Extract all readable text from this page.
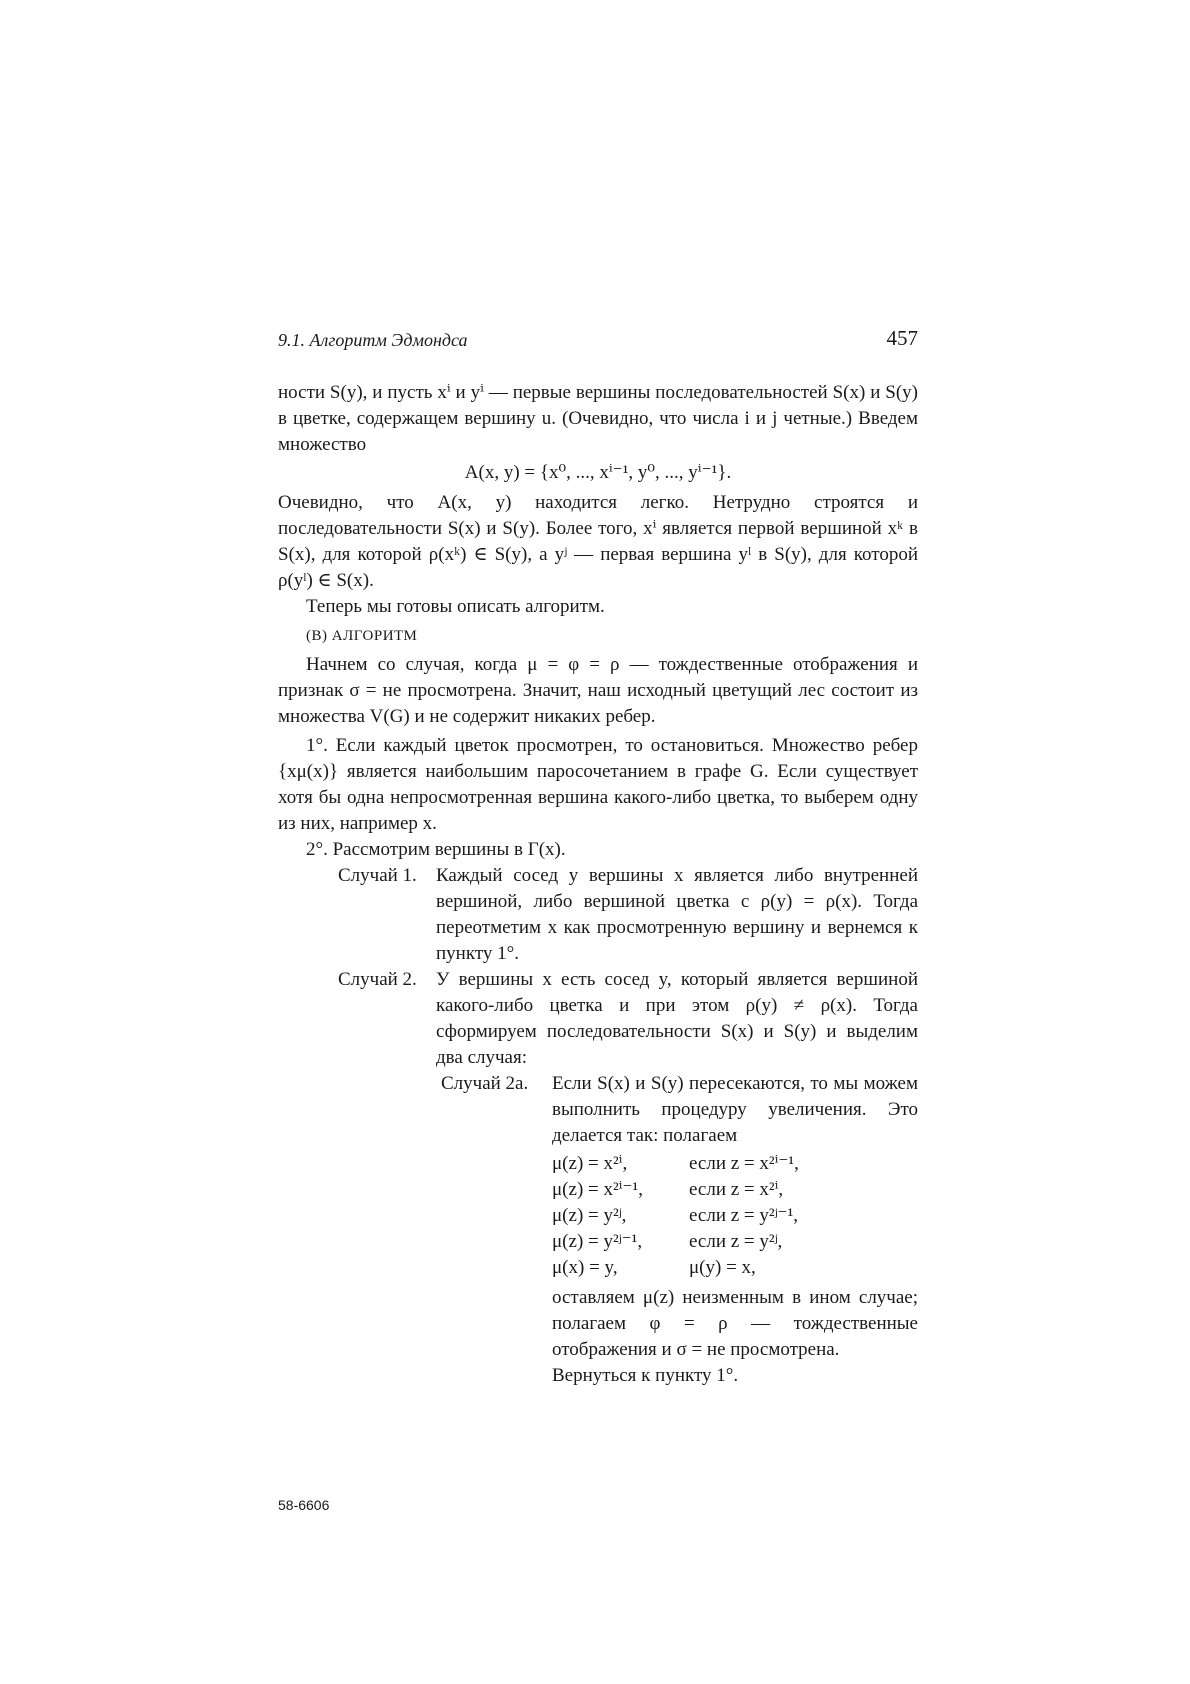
9.1. Алгоритм Эдмондса	457

ности S(y), и пусть xⁱ и yⁱ — первые вершины последовательностей S(x) и S(y) в цветке, содержащем вершину u. (Очевидно, что числа i и j четные.) Введем множество

A(x, y) = {x⁰, ..., xⁱ⁻¹, y⁰, ..., yⁱ⁻¹}.

Очевидно, что A(x, y) находится легко. Нетрудно строятся и последовательности S(x) и S(y). Более того, xⁱ является первой вершиной xᵏ в S(x), для которой ρ(xᵏ) ∈ S(y), а yʲ — первая вершина yˡ в S(y), для которой ρ(yˡ) ∈ S(x).

Теперь мы готовы описать алгоритм.

(В) АЛГОРИТМ

Начнем со случая, когда μ = φ = ρ — тождественные отображения и признак σ = не просмотрена. Значит, наш исходный цветущий лес состоит из множества V(G) и не содержит никаких ребер.

1°. Если каждый цветок просмотрен, то остановиться. Множество ребер {xμ(x)} является наибольшим паросочетанием в графе G. Если существует хотя бы одна непросмотренная вершина какого-либо цветка, то выберем одну из них, например x.

2°. Рассмотрим вершины в Γ(x).

Случай 1.	Каждый сосед y вершины x является либо внутренней вершиной, либо вершиной цветка с ρ(y) = ρ(x). Тогда переотметим x как просмотренную вершину и вернемся к пункту 1°.
Случай 2.	У вершины x есть сосед y, который является вершиной какого-либо цветка и при этом ρ(y) ≠ ρ(x). Тогда сформируем последовательности S(x) и S(y) и выделим два случая:
Случай 2а.	Если S(x) и S(y) пересекаются, то мы можем выполнить процедуру увеличения. Это делается так: полагаем
μ(z) = x²ⁱ,	если z = x²ⁱ⁻¹,
μ(z) = x²ⁱ⁻¹,	если z = x²ⁱ,
μ(z) = y²ʲ,	если z = y²ʲ⁻¹,
μ(z) = y²ʲ⁻¹,	если z = y²ʲ,
μ(x) = y,	μ(y) = x,
оставляем μ(z) неизменным в ином случае; полагаем φ = ρ — тождественные отображения и σ = не просмотрена.
Вернуться к пункту 1°.
58-6606
